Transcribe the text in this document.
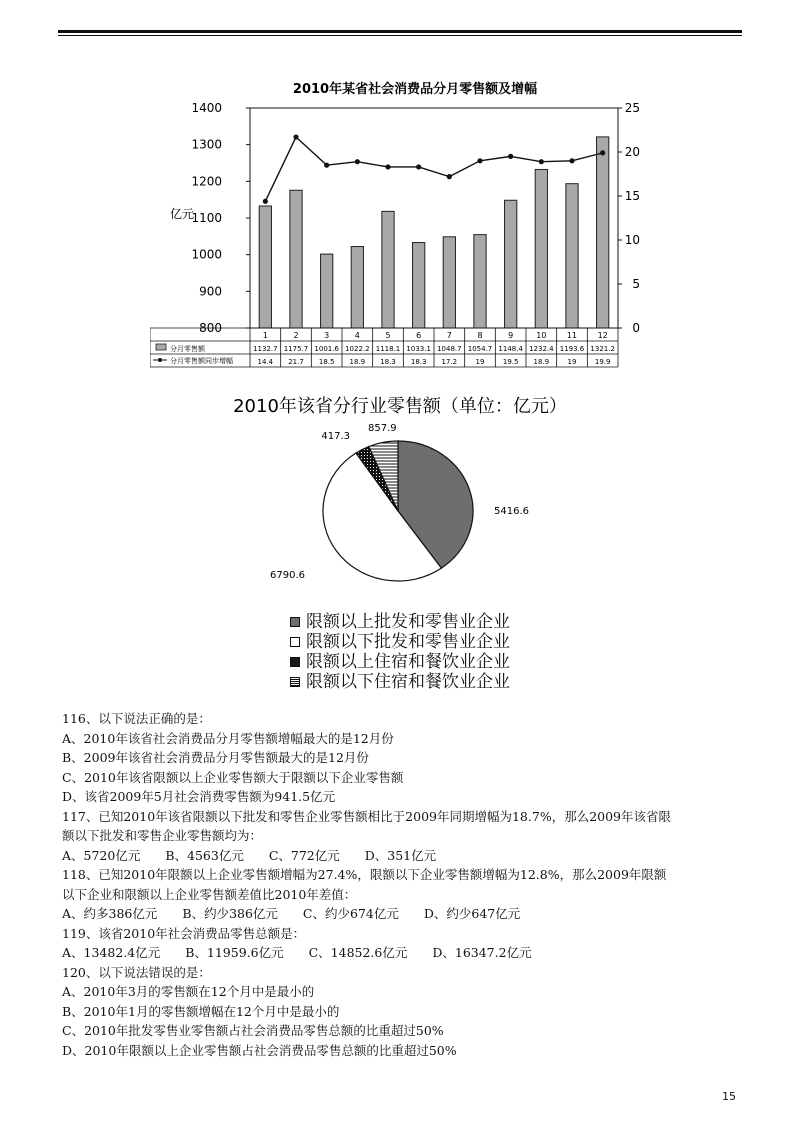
2010年某省社会消费品分月零售额及增幅
亿元
1400
1300
1200
1100
1000
900
800
25
20
15
10
5
0
1
1132.7
14.4
2
1175.7
21.7
3
1001.6
18.5
4
1022.2
18.9
5
1118.1
18.3
6
1033.1
18.3
7
1048.7
17.2
8
1054.7
19
9
1148.4
19.5
10
1232.4
18.9
11
1193.6
19
12
1321.2
19.9
分月零售额
分月零售额同步增幅
2010年该省分行业零售额（单位：亿元）
5416.6
6790.6
417.3
857.9
限额以上批发和零售业企业
限额以下批发和零售业企业
限额以上住宿和餐饮业企业
限额以下住宿和餐饮业企业
116、以下说法正确的是：
A、2010年该省社会消费品分月零售额增幅最大的是12月份
B、2009年该省社会消费品分月零售额最大的是12月份
C、2010年该省限额以上企业零售额大于限额以下企业零售额
D、该省2009年5月社会消费零售额为941.5亿元
117、已知2010年该省限额以下批发和零售企业零售额相比于2009年同期增幅为18.7%，那么2009年该省限
额以下批发和零售企业零售额均为：
A、5720亿元　　B、4563亿元　　C、772亿元　　D、351亿元
118、已知2010年限额以上企业零售额增幅为27.4%，限额以下企业零售额增幅为12.8%，那么2009年限额
以下企业和限额以上企业零售额差值比2010年差值：
A、约多386亿元　　B、约少386亿元　　C、约少674亿元　　D、约少647亿元
119、该省2010年社会消费品零售总额是：
A、13482.4亿元　　B、11959.6亿元　　C、14852.6亿元　　D、16347.2亿元
120、以下说法错误的是：
A、2010年3月的零售额在12个月中是最小的
B、2010年1月的零售额增幅在12个月中是最小的
C、2010年批发零售业零售额占社会消费品零售总额的比重超过50%
D、2010年限额以上企业零售额占社会消费品零售总额的比重超过50%
15
